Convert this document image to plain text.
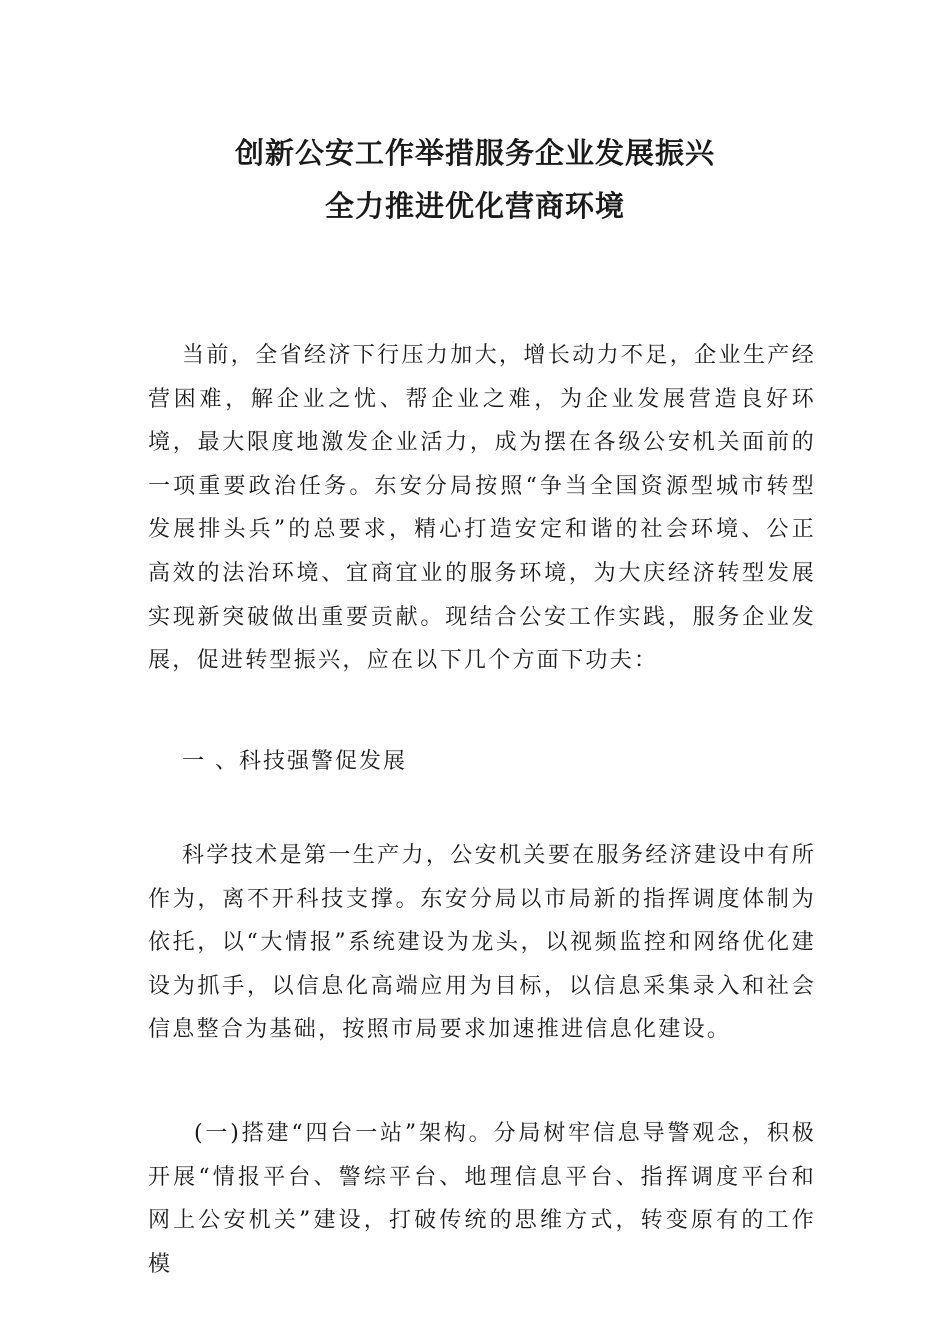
创新公安工作举措服务企业发展振兴
全力推进优化营商环境

当前，全省经济下行压力加大，增长动力不足，企业生产经营困难，解企业之忧、帮企业之难，为企业发展营造良好环境，最大限度地激发企业活力，成为摆在各级公安机关面前的一项重要政治任务。东安分局按照“争当全国资源型城市转型发展排头兵”的总要求，精心打造安定和谐的社会环境、公正高效的法治环境、宜商宜业的服务环境，为大庆经济转型发展实现新突破做出重要贡献。现结合公安工作实践，服务企业发展，促进转型振兴，应在以下几个方面下功夫：

一 、科技强警促发展

科学技术是第一生产力，公安机关要在服务经济建设中有所作为，离不开科技支撑。东安分局以市局新的指挥调度体制为依托，以“大情报”系统建设为龙头，以视频监控和网络优化建设为抓手，以信息化高端应用为目标，以信息采集录入和社会信息整合为基础，按照市局要求加速推进信息化建设。

(一)搭建“四台一站”架构。分局树牢信息导警观念，积极开展“情报平台、警综平台、地理信息平台、指挥调度平台和网上公安机关”建设，打破传统的思维方式，转变原有的工作模
